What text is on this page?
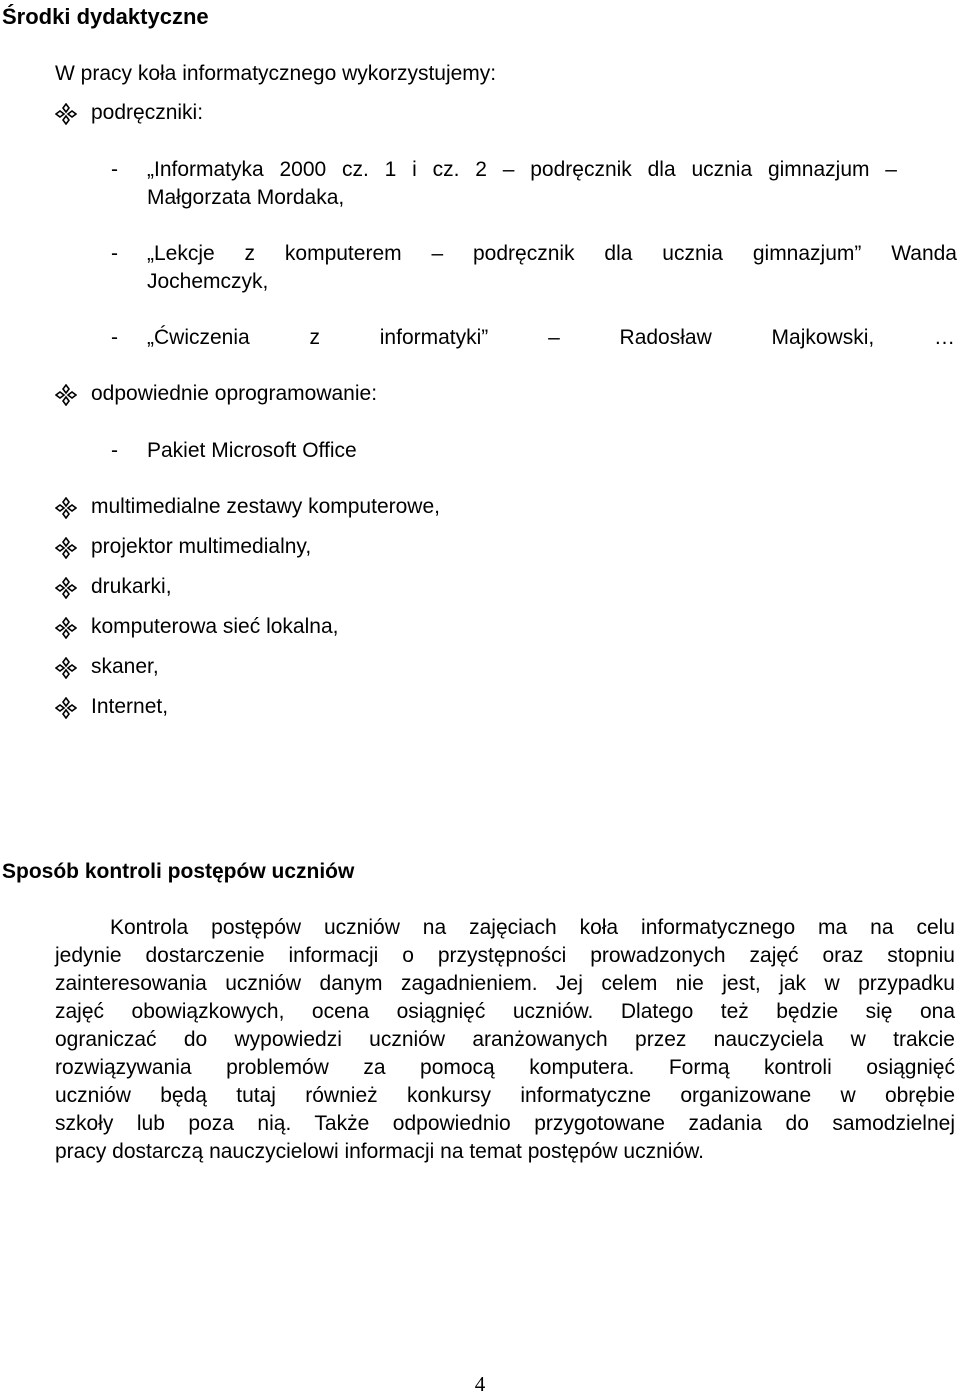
Środki dydaktyczne
W pracy koła informatycznego wykorzystujemy:
podręczniki:
- „Informatyka 2000 cz. 1 i cz. 2 – podręcznik dla ucznia gimnazjum –
Małgorzata Mordaka,
- „Lekcje z komputerem – podręcznik dla ucznia gimnazjum” Wanda
Jochemczyk,
- „Ćwiczenia z informatyki” – Radosław Majkowski, …
odpowiednie oprogramowanie:
- Pakiet Microsoft Office
multimedialne zestawy komputerowe,
projektor multimedialny,
drukarki,
komputerowa sieć lokalna,
skaner,
Internet,
Sposób kontroli postępów uczniów
Kontrola postępów uczniów na zajęciach koła informatycznego ma na celu
jedynie dostarczenie informacji o przystępności prowadzonych zajęć oraz stopniu
zainteresowania uczniów danym zagadnieniem. Jej celem nie jest, jak w przypadku
zajęć obowiązkowych, ocena osiągnięć uczniów. Dlatego też będzie się ona
ograniczać do wypowiedzi uczniów aranżowanych przez nauczyciela w trakcie
rozwiązywania problemów za pomocą komputera. Formą kontroli osiągnięć
uczniów będą tutaj również konkursy informatyczne organizowane w obrębie
szkoły lub poza nią. Także odpowiednio przygotowane zadania do samodzielnej
pracy dostarczą nauczycielowi informacji na temat postępów uczniów.
4
